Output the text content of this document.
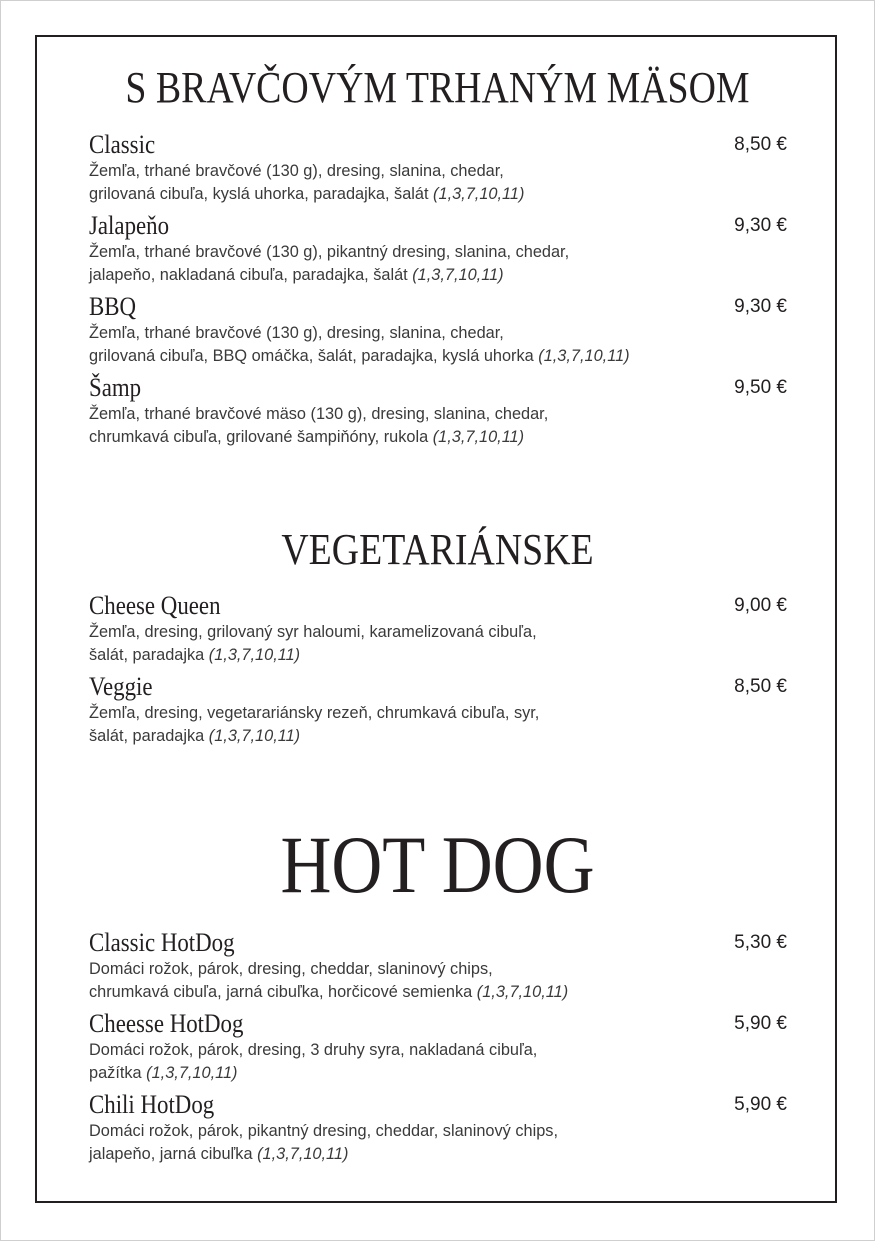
S BRAVČOVÝM TRHANÝM MÄSOM
Classic	8,50 €
Žemľa, trhané bravčové (130 g), dresing, slanina, chedar,
grilovaná cibuľa, kyslá uhorka, paradajka, šalát (1,3,7,10,11)
Jalapeňo	9,30 €
Žemľa, trhané bravčové (130 g), pikantný dresing, slanina, chedar,
jalapeňo, nakladaná cibuľa, paradajka, šalát (1,3,7,10,11)
BBQ	9,30 €
Žemľa, trhané bravčové (130 g), dresing, slanina, chedar,
grilovaná cibuľa, BBQ omáčka, šalát, paradajka, kyslá uhorka (1,3,7,10,11)
Šamp	9,50 €
Žemľa, trhané bravčové mäso (130 g), dresing, slanina, chedar,
chrumkavá cibuľa, grilované šampiňóny, rukola (1,3,7,10,11)
VEGETARIÁNSKE
Cheese Queen	9,00 €
Žemľa, dresing, grilovaný syr haloumi, karamelizovaná cibuľa,
šalát, paradajka (1,3,7,10,11)
Veggie	8,50 €
Žemľa, dresing, vegetarariánsky rezeň, chrumkavá cibuľa, syr,
šalát, paradajka (1,3,7,10,11)
HOT DOG
Classic HotDog	5,30 €
Domáci rožok, párok, dresing, cheddar, slaninový chips,
chrumkavá cibuľa, jarná cibuľka, horčicové semienka (1,3,7,10,11)
Cheesse HotDog	5,90 €
Domáci rožok, párok, dresing, 3 druhy syra, nakladaná cibuľa,
pažítka (1,3,7,10,11)
Chili HotDog	5,90 €
Domáci rožok, párok, pikantný dresing, cheddar, slaninový chips,
jalapeňo, jarná cibuľka (1,3,7,10,11)
